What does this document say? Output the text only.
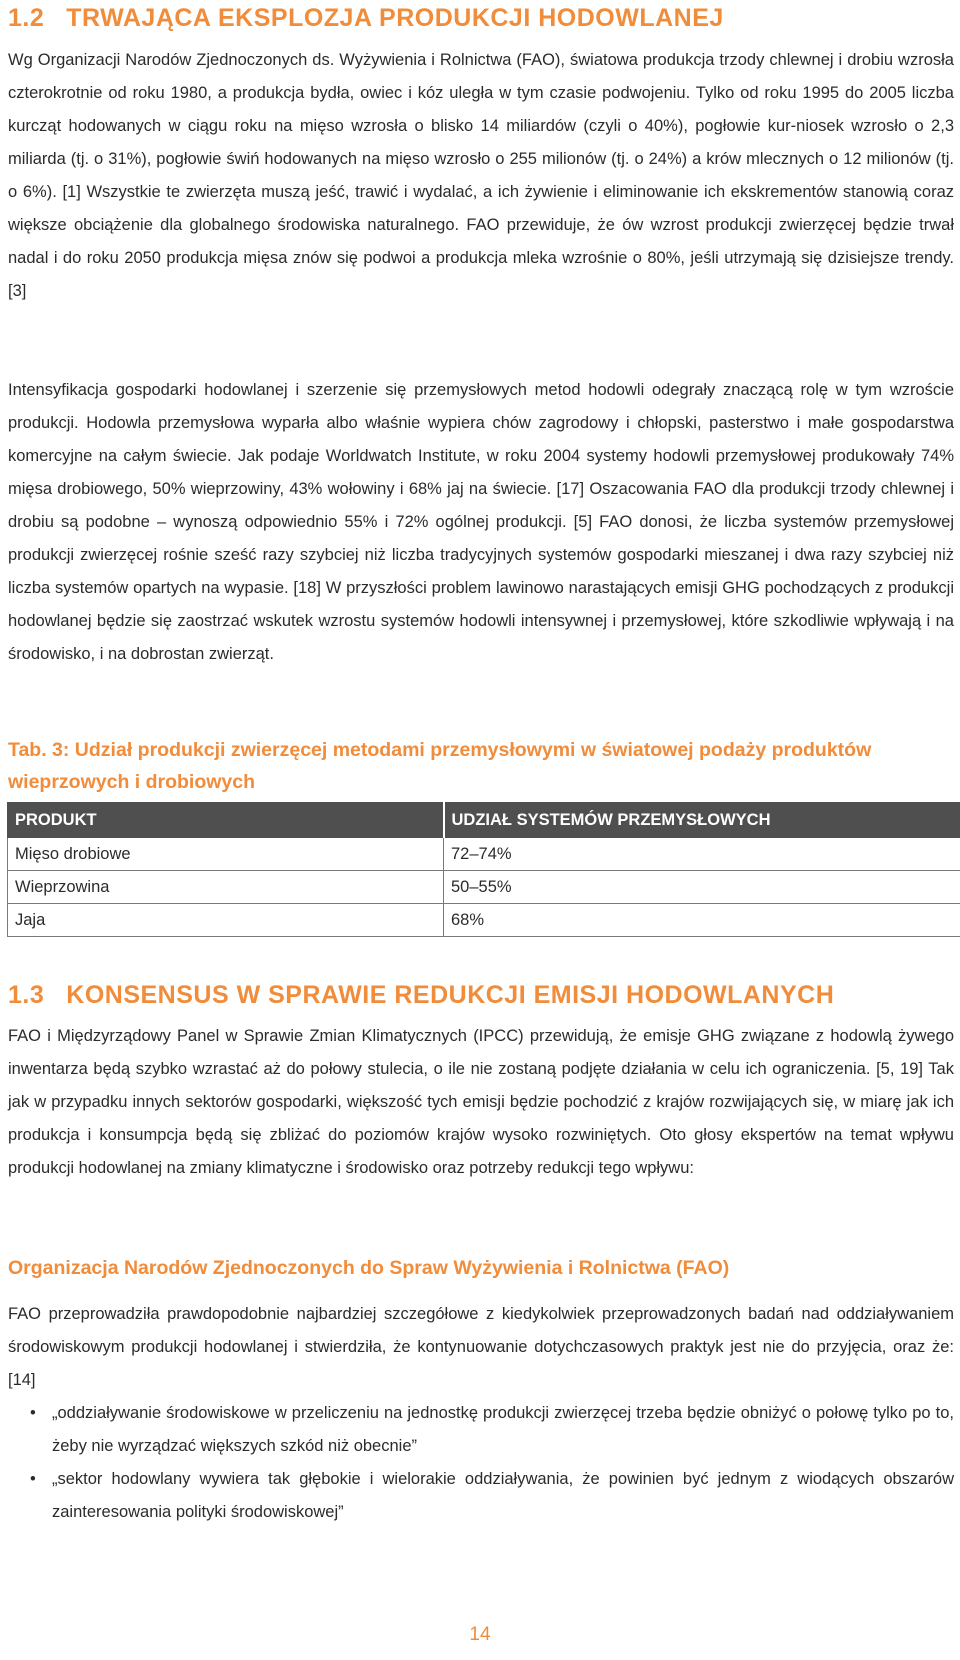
1.2 TRWAJĄCA EKSPLOZJA PRODUKCJI HODOWLANEJ

Wg Organizacji Narodów Zjednoczonych ds. Wyżywienia i Rolnictwa (FAO), światowa produkcja trzody chlewnej i drobiu wzrosła czterokrotnie od roku 1980, a produkcja bydła, owiec i kóz uległa w tym czasie podwojeniu. Tylko od roku 1995 do 2005 liczba kurcząt hodowanych w ciągu roku na mięso wzrosła o blisko 14 miliardów (czyli o 40%), pogłowie kur-niosek wzrosło o 2,3 miliarda (tj. o 31%), pogłowie świń hodowanych na mięso wzrosło o 255 milionów (tj. o 24%) a krów mlecznych o 12 milionów (tj. o 6%). [1] Wszystkie te zwierzęta muszą jeść, trawić i wydalać, a ich żywienie i eliminowanie ich ekskrementów stanowią coraz większe obciążenie dla globalnego środowiska naturalnego. FAO przewiduje, że ów wzrost produkcji zwierzęcej będzie trwał nadal i do roku 2050 produkcja mięsa znów się podwoi a produkcja mleka wzrośnie o 80%, jeśli utrzymają się dzisiejsze trendy. [3]

Intensyfikacja gospodarki hodowlanej i szerzenie się przemysłowych metod hodowli odegrały znaczącą rolę w tym wzroście produkcji. Hodowla przemysłowa wyparła albo właśnie wypiera chów zagrodowy i chłopski, pasterstwo i małe gospodarstwa komercyjne na całym świecie. Jak podaje Worldwatch Institute, w roku 2004 systemy hodowli przemysłowej produkowały 74% mięsa drobiowego, 50% wieprzowiny, 43% wołowiny i 68% jaj na świecie. [17] Oszacowania FAO dla produkcji trzody chlewnej i drobiu są podobne – wynoszą odpowiednio 55% i 72% ogólnej produkcji. [5] FAO donosi, że liczba systemów przemysłowej produkcji zwierzęcej rośnie sześć razy szybciej niż liczba tradycyjnych systemów gospodarki mieszanej i dwa razy szybciej niż liczba systemów opartych na wypasie. [18] W przyszłości problem lawinowo narastających emisji GHG pochodzących z produkcji hodowlanej będzie się zaostrzać wskutek wzrostu systemów hodowli intensywnej i przemysłowej, które szkodliwie wpływają i na środowisko, i na dobrostan zwierząt.

Tab. 3: Udział produkcji zwierzęcej metodami przemysłowymi w światowej podaży produktów wieprzowych i drobiowych
PRODUKT	UDZIAŁ SYSTEMÓW PRZEMYSŁOWYCH
Mięso drobiowe	72–74%
Wieprzowina	50–55%
Jaja	68%
1.3 KONSENSUS W SPRAWIE REDUKCJI EMISJI HODOWLANYCH

FAO i Międzyrządowy Panel w Sprawie Zmian Klimatycznych (IPCC) przewidują, że emisje GHG związane z hodowlą żywego inwentarza będą szybko wzrastać aż do połowy stulecia, o ile nie zostaną podjęte działania w celu ich ograniczenia. [5, 19] Tak jak w przypadku innych sektorów gospodarki, większość tych emisji będzie pochodzić z krajów rozwijających się, w miarę jak ich produkcja i konsumpcja będą się zbliżać do poziomów krajów wysoko rozwiniętych. Oto głosy ekspertów na temat wpływu produkcji hodowlanej na zmiany klimatyczne i środowisko oraz potrzeby redukcji tego wpływu:

Organizacja Narodów Zjednoczonych do Spraw Wyżywienia i Rolnictwa (FAO)

FAO przeprowadziła prawdopodobnie najbardziej szczegółowe z kiedykolwiek przeprowadzonych badań nad oddziaływaniem środowiskowym produkcji hodowlanej i stwierdziła, że kontynuowanie dotychczasowych praktyk jest nie do przyjęcia, oraz że: [14]

• „oddziaływanie środowiskowe w przeliczeniu na jednostkę produkcji zwierzęcej trzeba będzie obniżyć o połowę tylko po to, żeby nie wyrządzać większych szkód niż obecnie”
• „sektor hodowlany wywiera tak głębokie i wielorakie oddziaływania, że powinien być jednym z wiodących obszarów zainteresowania polityki środowiskowej”
14
